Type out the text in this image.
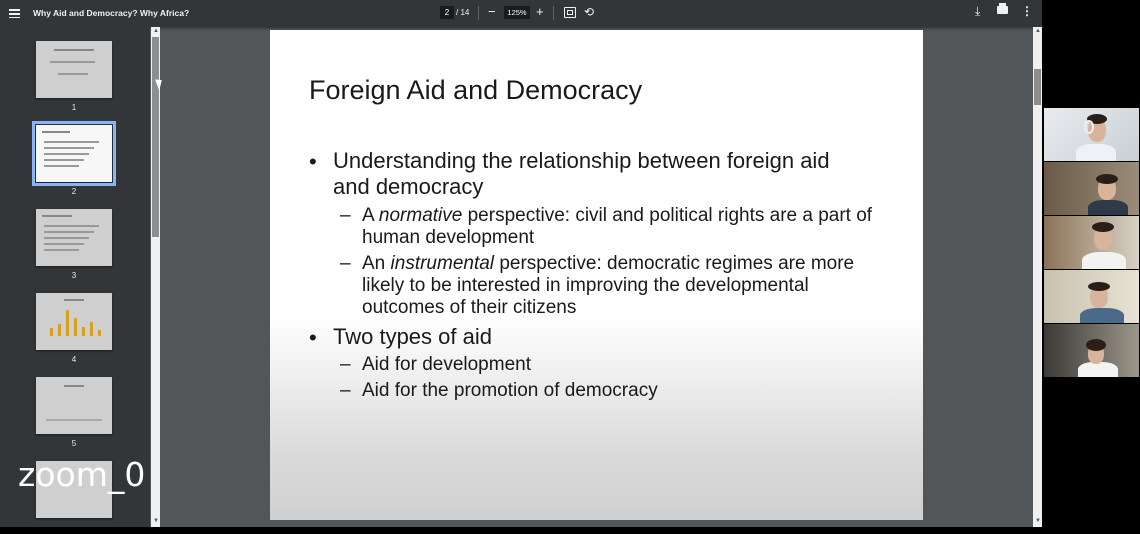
Why Aid and Democracy? Why Africa?	2 / 14 −	125% +	⟲	⤓	⋮
1
2
3
4
5
▲
▼
Foreign Aid and Democracy
• Understanding the relationship between foreign aid
and democracy
– A normative perspective: civil and political rights are a part of
human development
– An instrumental perspective: democratic regimes are more
likely to be interested in improving the developmental
outcomes of their citizens
• Two types of aid
– Aid for development
– Aid for the promotion of democracy
▲
▼
zoom_0
